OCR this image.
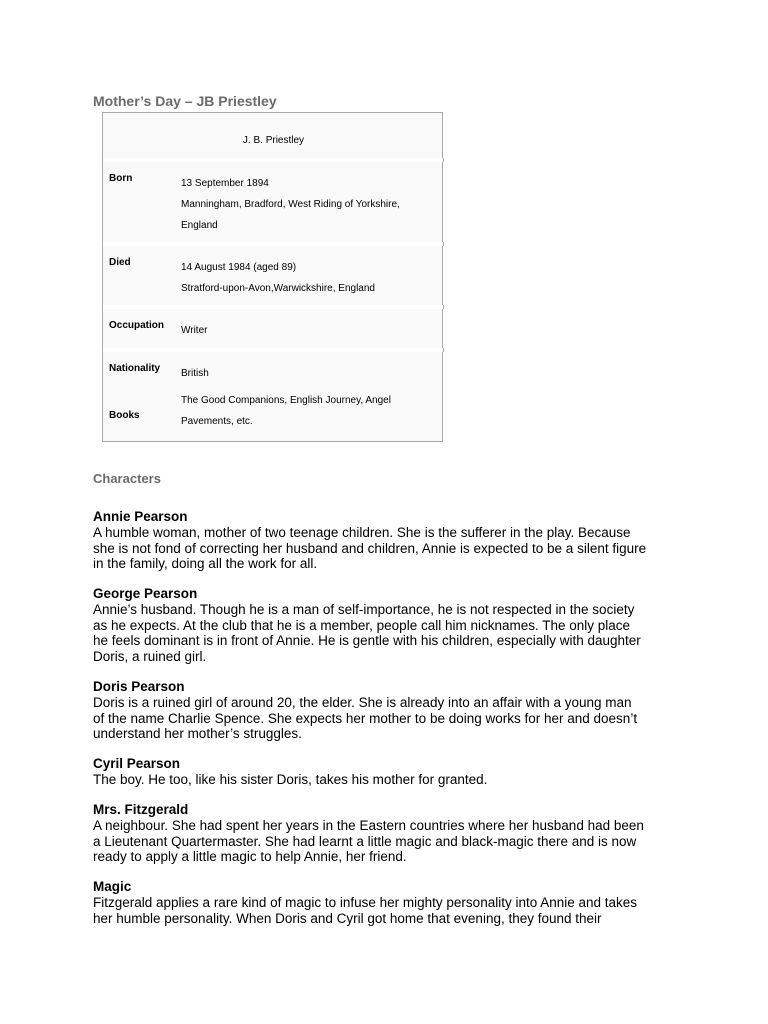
Mother’s Day – JB Priestley
J. B. Priestley
Born	13 September 1894
Manningham, Bradford, West Riding of Yorkshire,
England
Died	14 August 1984 (aged 89)
Stratford-upon-Avon,Warwickshire, England
Occupation Writer
Nationality British
Books
The Good Companions, English Journey, Angel
Pavements, etc.
Characters
Annie Pearson
A humble woman, mother of two teenage children. She is the sufferer in the play. Because
she is not fond of correcting her husband and children, Annie is expected to be a silent figure
in the family, doing all the work for all.
George Pearson
Annie’s husband. Though he is a man of self-importance, he is not respected in the society
as he expects. At the club that he is a member, people call him nicknames. The only place
he feels dominant is in front of Annie. He is gentle with his children, especially with daughter
Doris, a ruined girl.
Doris Pearson
Doris is a ruined girl of around 20, the elder. She is already into an affair with a young man
of the name Charlie Spence. She expects her mother to be doing works for her and doesn’t
understand her mother’s struggles.
Cyril Pearson
The boy. He too, like his sister Doris, takes his mother for granted.
Mrs. Fitzgerald
A neighbour. She had spent her years in the Eastern countries where her husband had been
a Lieutenant Quartermaster. She had learnt a little magic and black-magic there and is now
ready to apply a little magic to help Annie, her friend.
Magic
Fitzgerald applies a rare kind of magic to infuse her mighty personality into Annie and takes
her humble personality. When Doris and Cyril got home that evening, they found their
